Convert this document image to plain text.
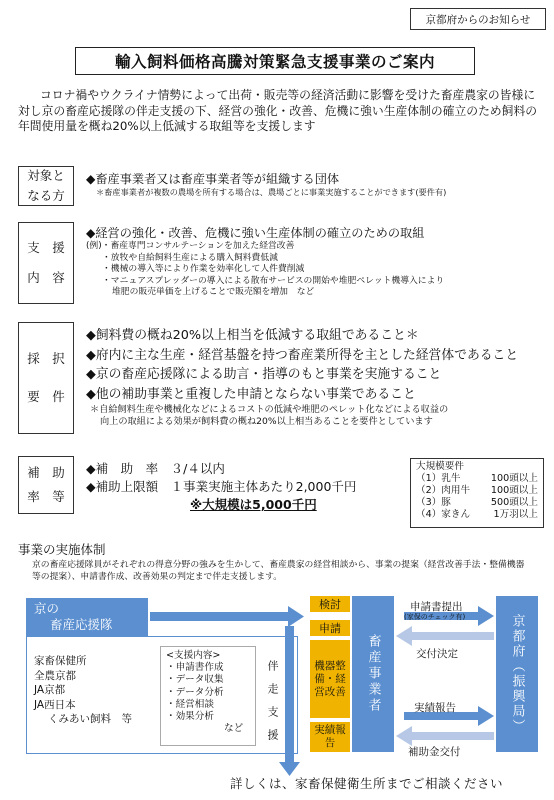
京都府からのお知らせ
輸入飼料価格高騰対策緊急支援事業のご案内
コロナ禍やウクライナ情勢によって出荷・販売等の経済活動に影響を受けた畜産農家の皆様に対し京の畜産応援隊の伴走支援の下、経営の強化・改善、危機に強い生産体制の確立のため飼料の年間使用量を概ね20%以上低減する取組等を支援します
対象と
なる方
◆畜産事業者又は畜産事業者等が組織する団体
＊畜産事業者が複数の農場を所有する場合は、農場ごとに事業実施することができます(要件有)
支　援
内　容
◆経営の強化・改善、危機に強い生産体制の確立のための取組
(例)・畜産専門コンサルテーションを加えた経営改善
・放牧や自給飼料生産による購入飼料費低減
・機械の導入等により作業を効率化して人件費削減
・マニュアスプレッダーの導入による散布サービスの開始や堆肥ペレット機導入により
堆肥の販売単価を上げることで販売額を増加　など
採　択
要　件
◆飼料費の概ね20%以上相当を低減する取組であること＊
◆府内に主な生産・経営基盤を持つ畜産業所得を主とした経営体であること
◆京の畜産応援隊による助言・指導のもと事業を実施すること
◆他の補助事業と重複した申請とならない事業であること
＊自給飼料生産や機械化などによるコストの低減や堆肥のペレット化などによる収益の
向上の取組による効果が飼料費の概ね20%以上相当あることを要件としています
補　助
率　等
◆補　助　率　３/４以内
◆補助上限額　１事業実施主体あたり2,000千円
※大規模は5,000千円
大規模要件
（1）乳牛	100頭以上
（2）肉用牛 100頭以上
（3）豚	500頭以上
（4）家きん 1万羽以上
事業の実施体制
京の畜産応援隊員がそれぞれの得意分野の強みを生かして、畜産農家の経営相談から、事業の提案（経営改善手法・整備機器等の提案）、申請書作成、改善効果の判定まで伴走支援します。
京の
畜産応援隊
家畜保健所
全農京都
JA京都
JA西日本
くみあい飼料　等
<支援内容>
・申請書作成
・データ収集
・データ分析
・経営相談
・効果分析
など 伴走支援
検討
申請
機器整備・経営改善
実績報告
畜産事業者
申請書提出
(家保のチェック有)
交付決定
実績報告
補助金交付
京都府（振興局）
詳しくは、家畜保健衛生所までご相談ください
